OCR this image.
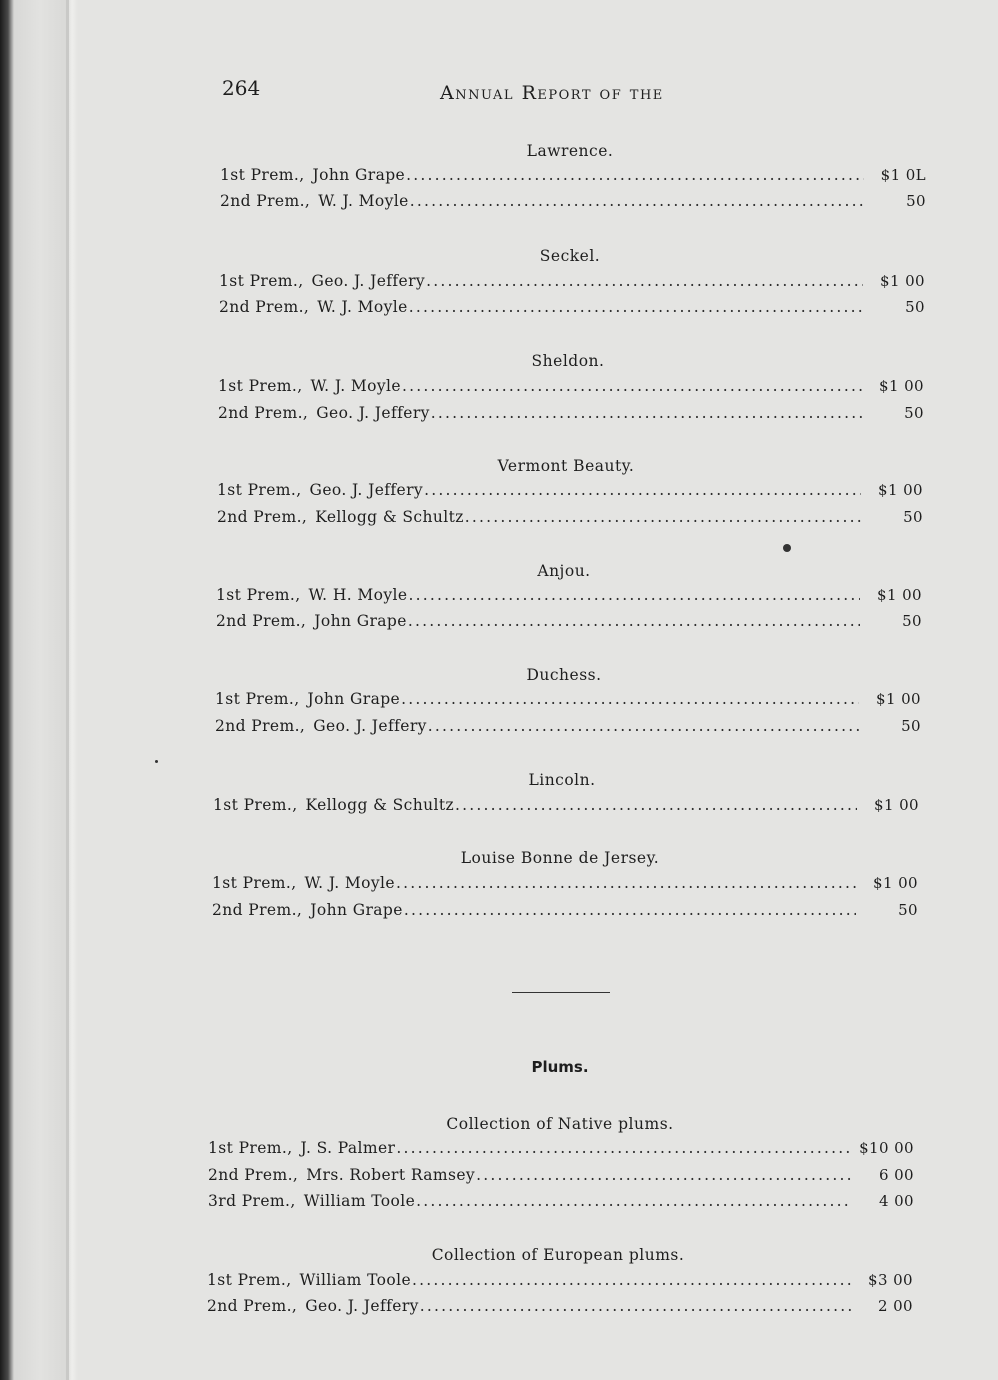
264	Annual Report of the
Lawrence.
1st Prem., John Grape .....	$1 0L
2nd Prem., W. J. Moyle .....	50
Seckel.
1st Prem., Geo. J. Jeffery .....	$1 00
2nd Prem., W. J. Moyle .....	50
Sheldon.
1st Prem., W. J. Moyle .....	$1 00
2nd Prem., Geo. J. Jeffery .....	50
Vermont Beauty.
1st Prem., Geo. J. Jeffery .....	$1 00
2nd Prem., Kellogg & Schultz .....	50
Anjou.
1st Prem., W. H. Moyle .....	$1 00
2nd Prem., John Grape .....	50
Duchess.
1st Prem., John Grape .....	$1 00
2nd Prem., Geo. J. Jeffery .....	50
Lincoln.
1st Prem., Kellogg & Schultz .....	$1 00
Louise Bonne de Jersey.
1st Prem., W. J. Moyle .....	$1 00
2nd Prem., John Grape .....	50
Plums.
Collection of Native plums.
1st Prem., J. S. Palmer .....	$10 00
2nd Prem., Mrs. Robert Ramsey .....	6 00
3rd Prem., William Toole .....	4 00
Collection of European plums.
1st Prem., William Toole .....	$3 00
2nd Prem., Geo. J. Jeffery .....	2 00
